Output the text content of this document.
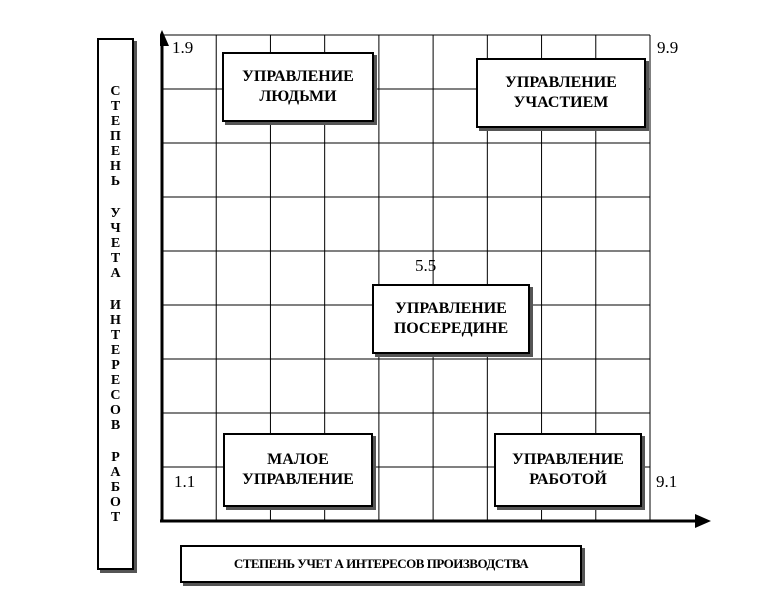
С
Т
Е
П
Е
Н
Ь
У
Ч
Е
Т
А
И
Н
Т
Е
Р
Е
С
О
В
Р
А
Б
О
Т
1.9	9.9
5.5
1.1	9.1
УПРАВЛЕНИЕ
ЛЮДЬМИ
УПРАВЛЕНИЕ
УЧАСТИЕМ
УПРАВЛЕНИЕ
ПОСЕРЕДИНЕ
МАЛОЕ
УПРАВЛЕНИЕ
УПРАВЛЕНИЕ
РАБОТОЙ
СТЕПЕНЬ УЧЕТ А ИНТЕРЕСОВ ПРОИЗВОДСТВА
